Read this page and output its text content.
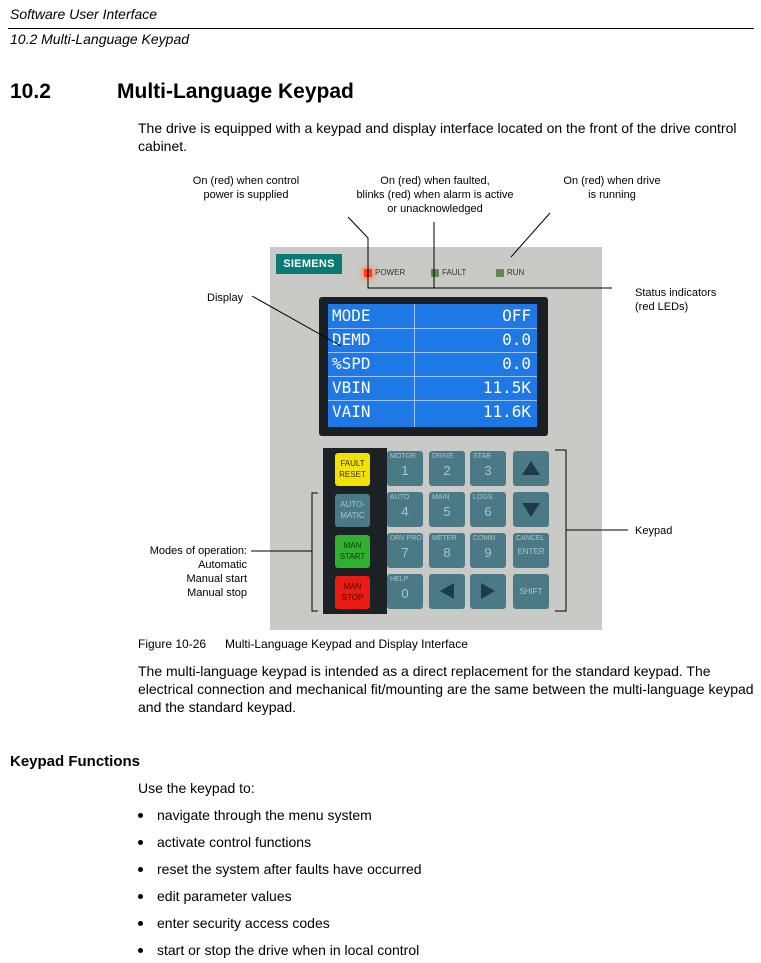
Software User Interface
10.2 Multi-Language Keypad
10.2	Multi-Language Keypad
The drive is equipped with a keypad and display interface located on the front of the drive control cabinet.
On (red) when control
power is supplied
On (red) when faulted,
blinks (red) when alarm is active
or unacknowledged
On (red) when drive
is running
Display	Status indicators
(red LEDs)
Keypad
Modes of operation:
Automatic
Manual start
Manual stop
SIEMENS
POWER	FAULT	RUN
MODE	OFF
DEMD	0.0
%SPD	0.0
VBIN	11.5K
VAIN	11.6K
FAULT
RESET
AUTO-
MATIC
MAN
START
MAN
STOP
MOTOR
1
DRIVE
2
STAB
3
AUTO
4
MAIN
5
LOGS
6
DRV PRO
7
METER
8
COMM
9
CANCEL
ENTER
HELP
0	SHIFT
Figure 10-26 Multi-Language Keypad and Display Interface
The multi-language keypad is intended as a direct replacement for the standard keypad. The electrical connection and mechanical fit/mounting are the same between the multi-language keypad and the standard keypad.
Keypad Functions
Use the keypad to:
navigate through the menu system
activate control functions
reset the system after faults have occurred
edit parameter values
enter security access codes
start or stop the drive when in local control
